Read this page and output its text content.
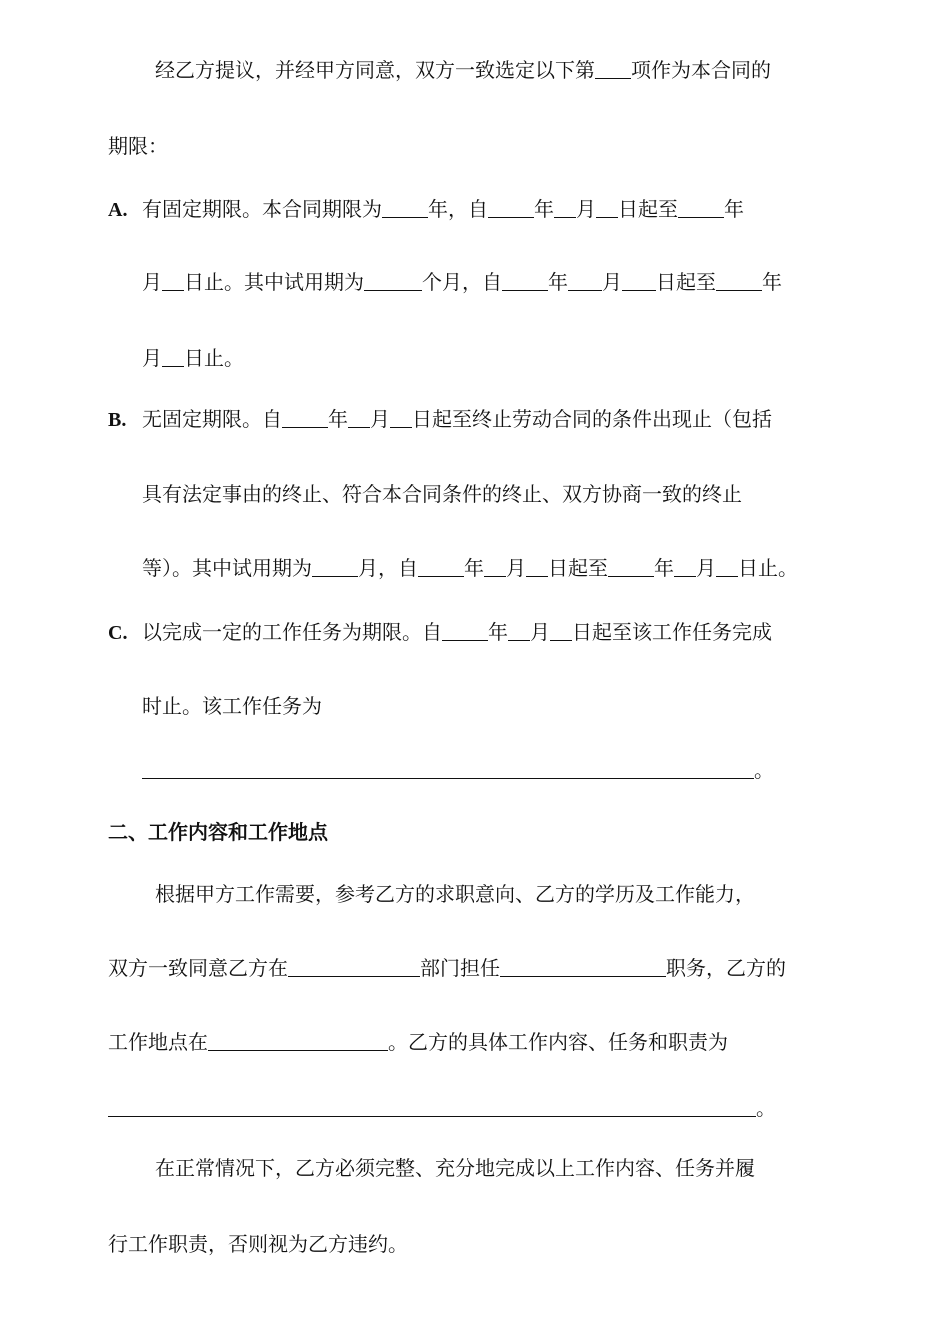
经乙方提议，并经甲方同意，双方一致选定以下第 项作为本合同的
期限：
A. 有固定期限。本合同期限为 年，自 年 月 日起至 年
月 日止。其中试用期为	个月，自 年 月 日起至 年
月 日止。
B. 无固定期限。自 年 月 日起至终止劳动合同的条件出现止（包括
具有法定事由的终止、符合本合同条件的终止、双方协商一致的终止
等）。其中试用期为 月，自 年 月 日起至 年 月 日止。
C. 以完成一定的工作任务为期限。自 年 月 日起至该工作任务完成
时止。该工作任务为
。
二、工作内容和工作地点
根据甲方工作需要，参考乙方的求职意向、乙方的学历及工作能力，
双方一致同意乙方在	部门担任	职务，乙方的
工作地点在	。乙方的具体工作内容、任务和职责为
。
在正常情况下，乙方必须完整、充分地完成以上工作内容、任务并履
行工作职责，否则视为乙方违约。
